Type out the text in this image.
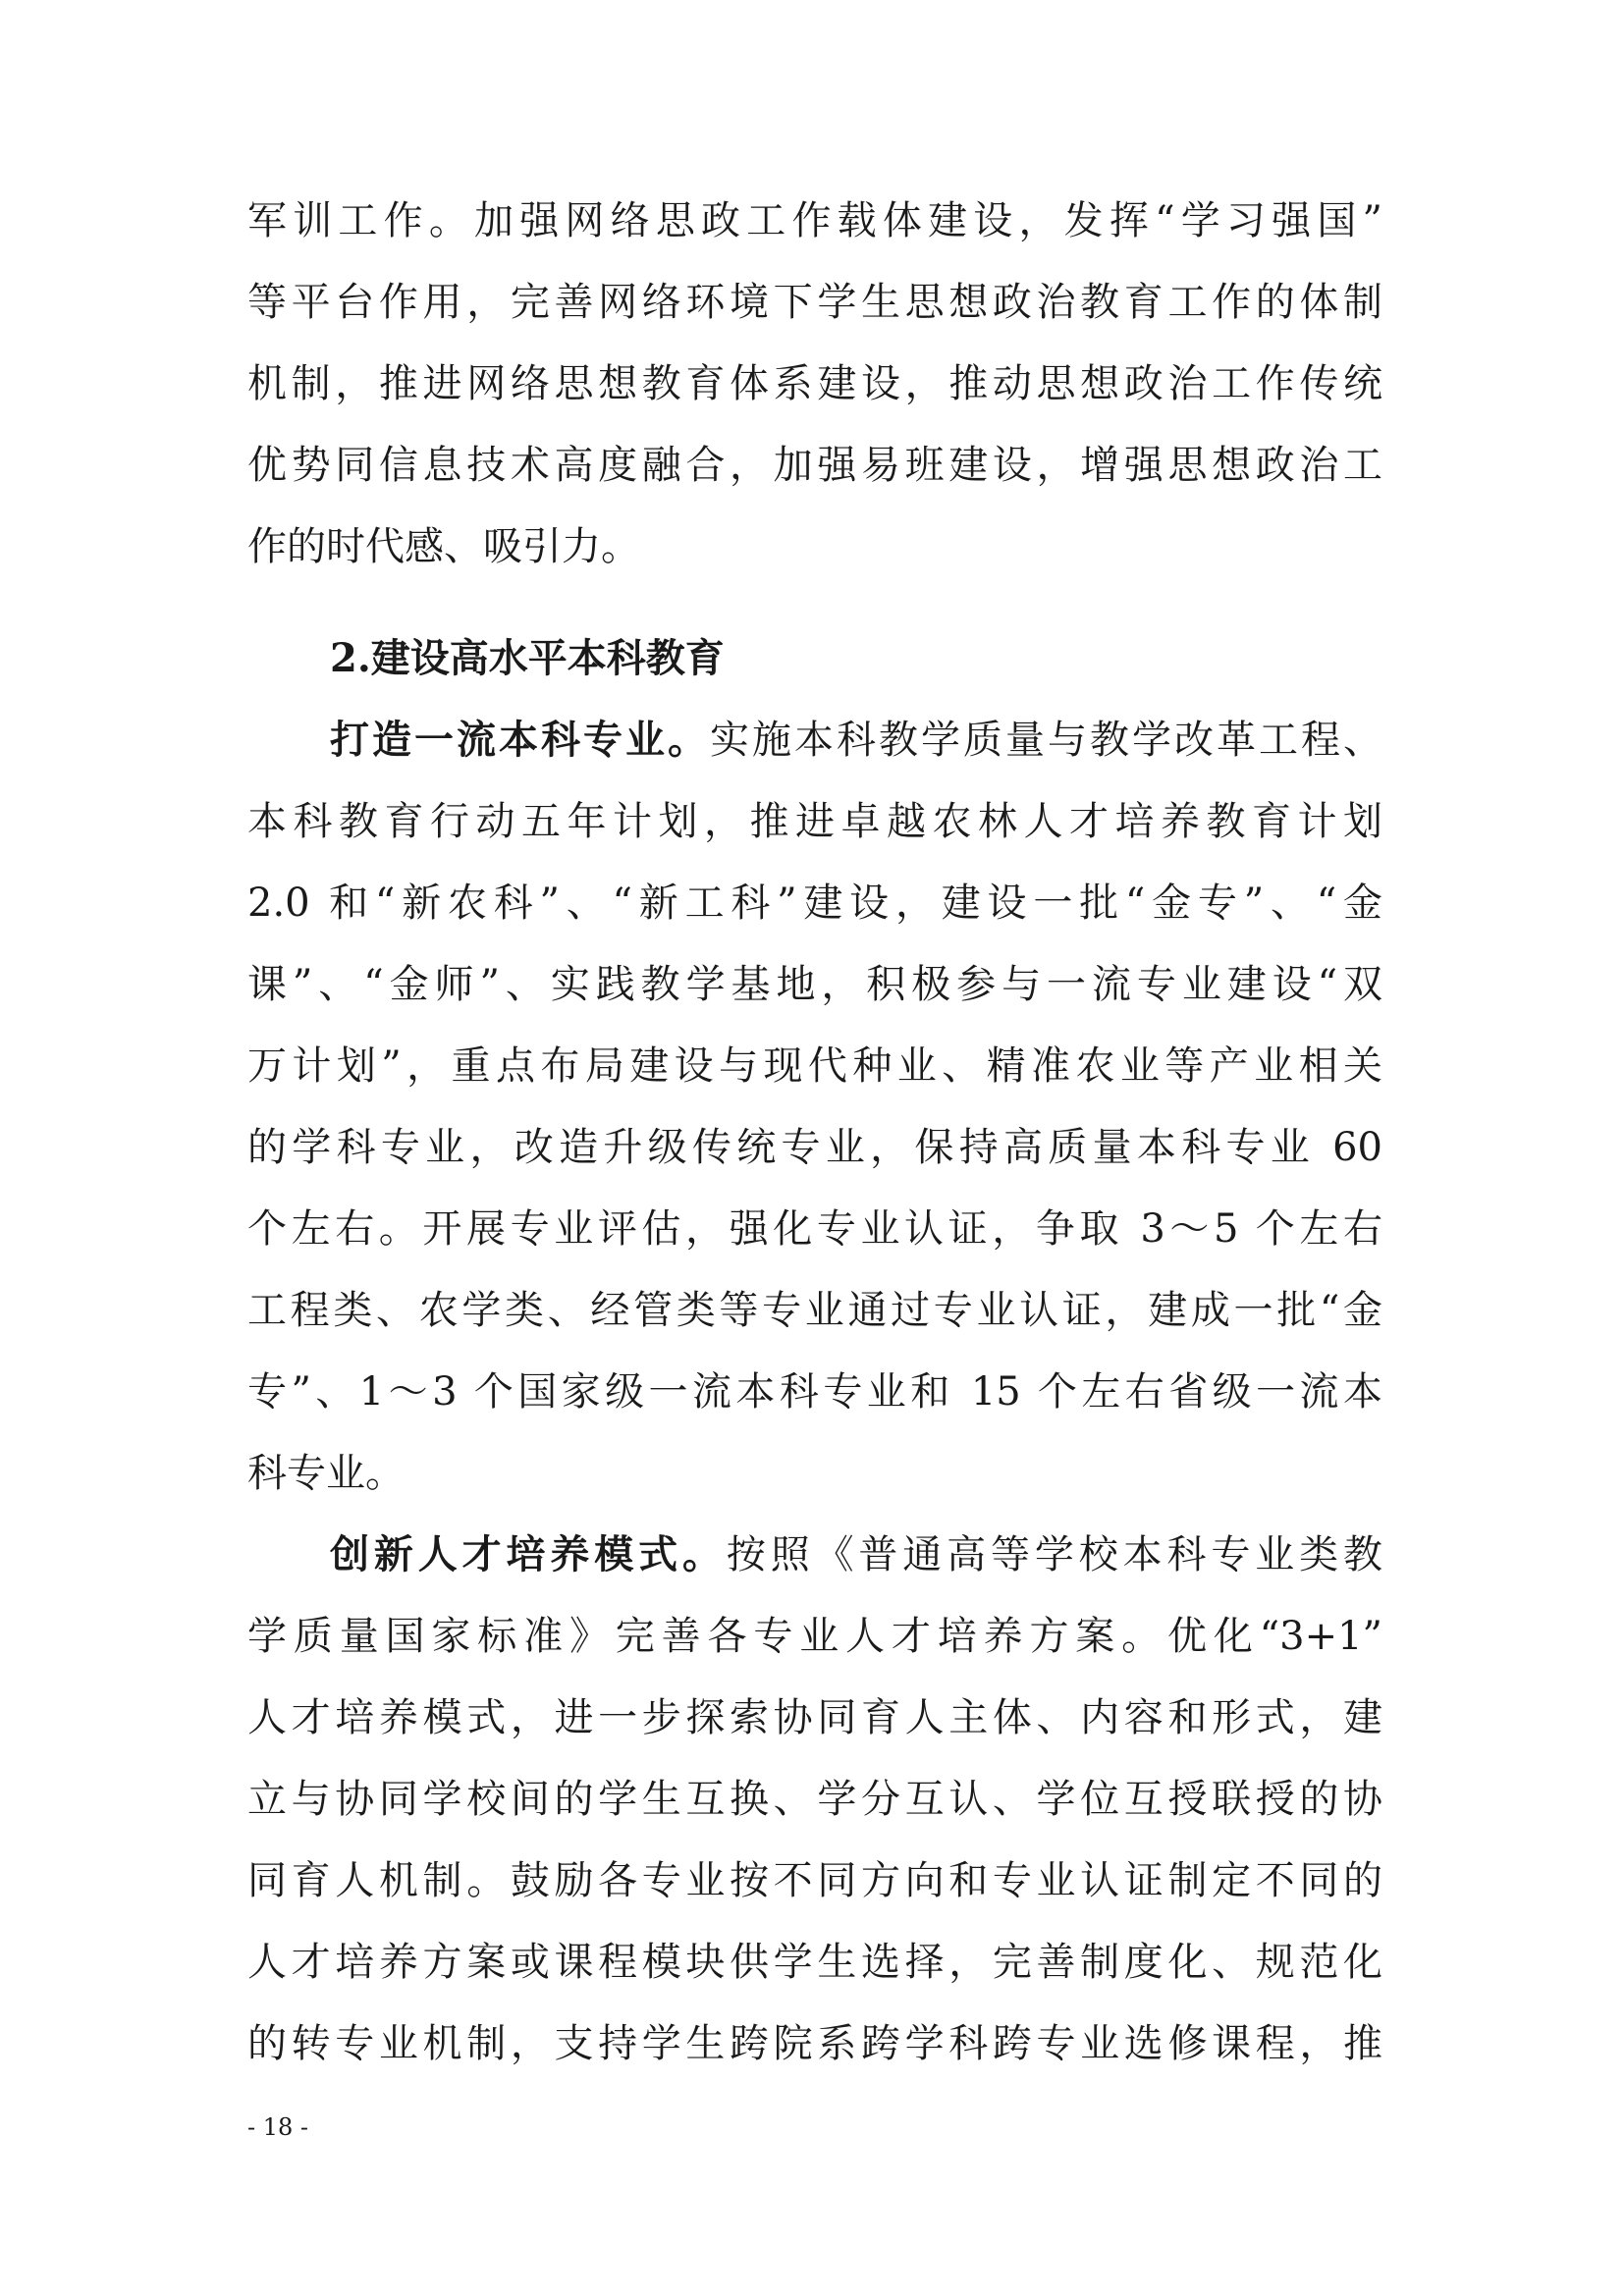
军训工作。加强网络思政工作载体建设，发挥“学习强国”
等平台作用，完善网络环境下学生思想政治教育工作的体制
机制，推进网络思想教育体系建设，推动思想政治工作传统
优势同信息技术高度融合，加强易班建设，增强思想政治工
作的时代感、吸引力。
2.建设高水平本科教育
打造一流本科专业。实施本科教学质量与教学改革工程、
本科教育行动五年计划，推进卓越农林人才培养教育计划
2.0 和“新农科”、“新工科”建设，建设一批“金专”、“金
课”、“金师”、实践教学基地，积极参与一流专业建设“双
万计划”，重点布局建设与现代种业、精准农业等产业相关
的学科专业，改造升级传统专业，保持高质量本科专业 60
个左右。开展专业评估，强化专业认证，争取 3～5 个左右
工程类、农学类、经管类等专业通过专业认证，建成一批“金
专”、1～3 个国家级一流本科专业和 15 个左右省级一流本
科专业。
创新人才培养模式。按照《普通高等学校本科专业类教
学质量国家标准》完善各专业人才培养方案。优化“3+1”
人才培养模式，进一步探索协同育人主体、内容和形式，建
立与协同学校间的学生互换、学分互认、学位互授联授的协
同育人机制。鼓励各专业按不同方向和专业认证制定不同的
人才培养方案或课程模块供学生选择，完善制度化、规范化
的转专业机制，支持学生跨院系跨学科跨专业选修课程，推
- 18 -
